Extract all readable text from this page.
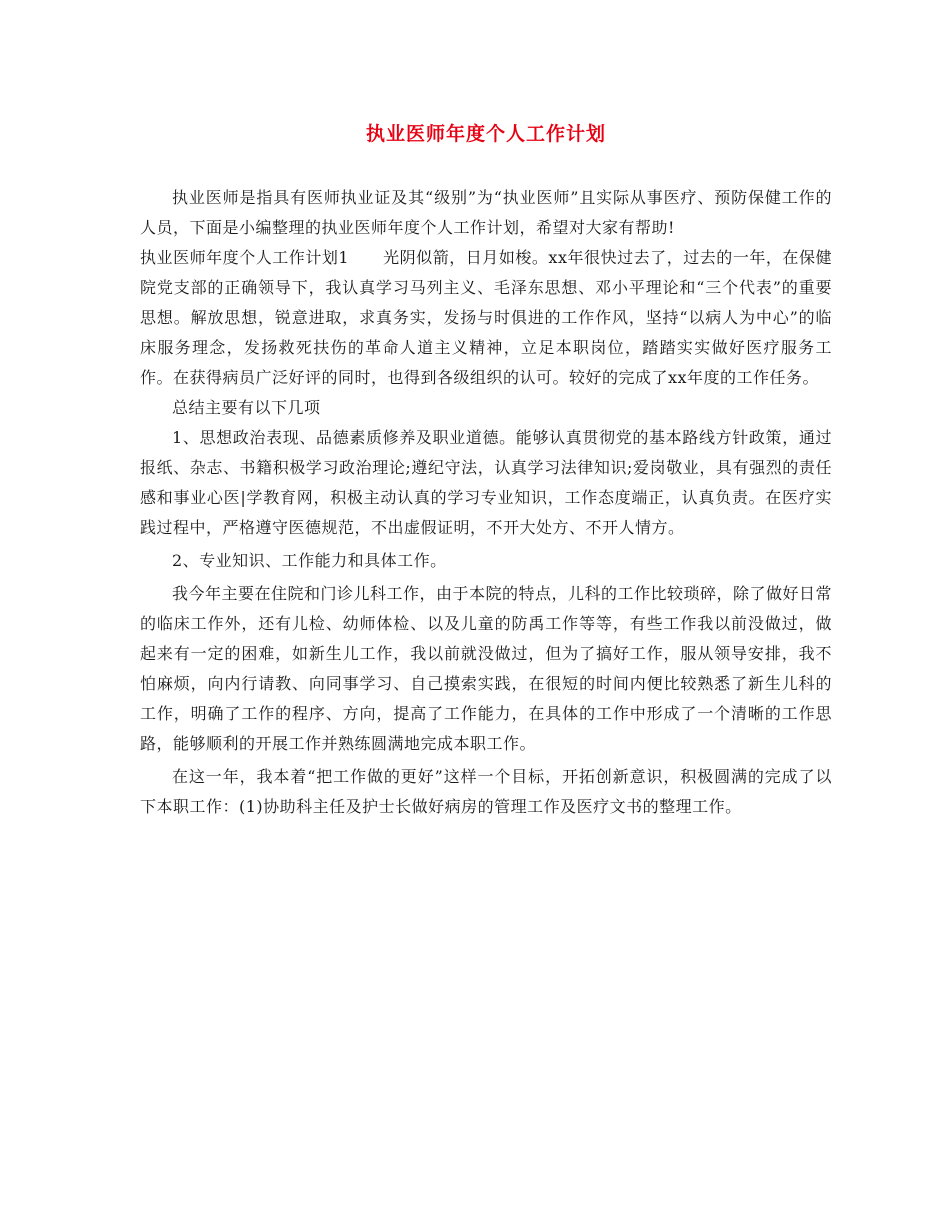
执业医师年度个人工作计划

执业医师是指具有医师执业证及其“级别”为“执业医师”且实际从事医疗、预防保健工作的人员，下面是小编整理的执业医师年度个人工作计划，希望对大家有帮助!

执业医师年度个人工作计划1 光阴似箭，日月如梭。xx年很快过去了，过去的一年，在保健院党支部的正确领导下，我认真学习马列主义、毛泽东思想、邓小平理论和“三个代表”的重要思想。解放思想，锐意进取，求真务实，发扬与时俱进的工作作风，坚持“以病人为中心”的临床服务理念，发扬救死扶伤的革命人道主义精神，立足本职岗位，踏踏实实做好医疗服务工作。在获得病员广泛好评的同时，也得到各级组织的认可。较好的完成了xx年度的工作任务。

总结主要有以下几项

1、思想政治表现、品德素质修养及职业道德。能够认真贯彻党的基本路线方针政策，通过报纸、杂志、书籍积极学习政治理论;遵纪守法，认真学习法律知识;爱岗敬业，具有强烈的责任感和事业心医|学教育网，积极主动认真的学习专业知识，工作态度端正，认真负责。在医疗实践过程中，严格遵守医德规范，不出虚假证明，不开大处方、不开人情方。

2、专业知识、工作能力和具体工作。

我今年主要在住院和门诊儿科工作，由于本院的特点，儿科的工作比较琐碎，除了做好日常的临床工作外，还有儿检、幼师体检、以及儿童的防禹工作等等，有些工作我以前没做过，做起来有一定的困难，如新生儿工作，我以前就没做过，但为了搞好工作，服从领导安排，我不怕麻烦，向内行请教、向同事学习、自己摸索实践，在很短的时间内便比较熟悉了新生儿科的工作，明确了工作的程序、方向，提高了工作能力，在具体的工作中形成了一个清晰的工作思路，能够顺利的开展工作并熟练圆满地完成本职工作。

在这一年，我本着“把工作做的更好”这样一个目标，开拓创新意识，积极圆满的完成了以下本职工作：(1)协助科主任及护士长做好病房的管理工作及医疗文书的整理工作。
